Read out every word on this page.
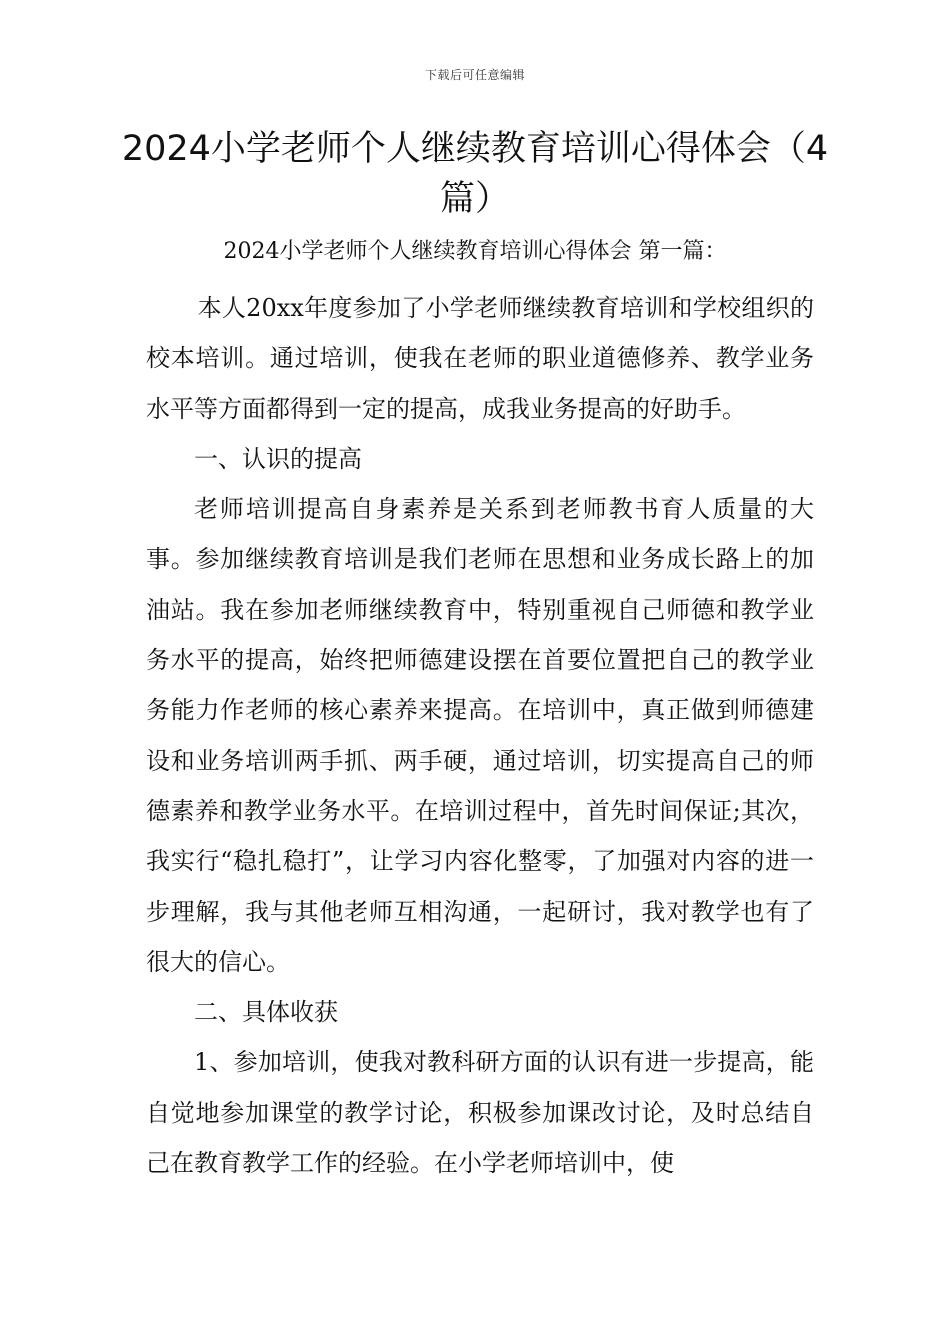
下载后可任意编辑
2024小学老师个人继续教育培训心得体会（4篇）
2024小学老师个人继续教育培训心得体会 第一篇：

本人20xx年度参加了小学老师继续教育培训和学校组织的校本培训。通过培训，使我在老师的职业道德修养、教学业务水平等方面都得到一定的提高，成我业务提高的好助手。

一、认识的提高

老师培训提高自身素养是关系到老师教书育人质量的大事。参加继续教育培训是我们老师在思想和业务成长路上的加油站。我在参加老师继续教育中，特别重视自己师德和教学业务水平的提高，始终把师德建设摆在首要位置把自己的教学业务能力作老师的核心素养来提高。在培训中，真正做到师德建设和业务培训两手抓、两手硬，通过培训，切实提高自己的师德素养和教学业务水平。在培训过程中，首先时间保证;其次，我实行“稳扎稳打”，让学习内容化整零，了加强对内容的进一步理解，我与其他老师互相沟通，一起研讨，我对教学也有了很大的信心。

二、具体收获

1、参加培训，使我对教科研方面的认识有进一步提高，能自觉地参加课堂的教学讨论，积极参加课改讨论，及时总结自己在教育教学工作的经验。在小学老师培训中，使
